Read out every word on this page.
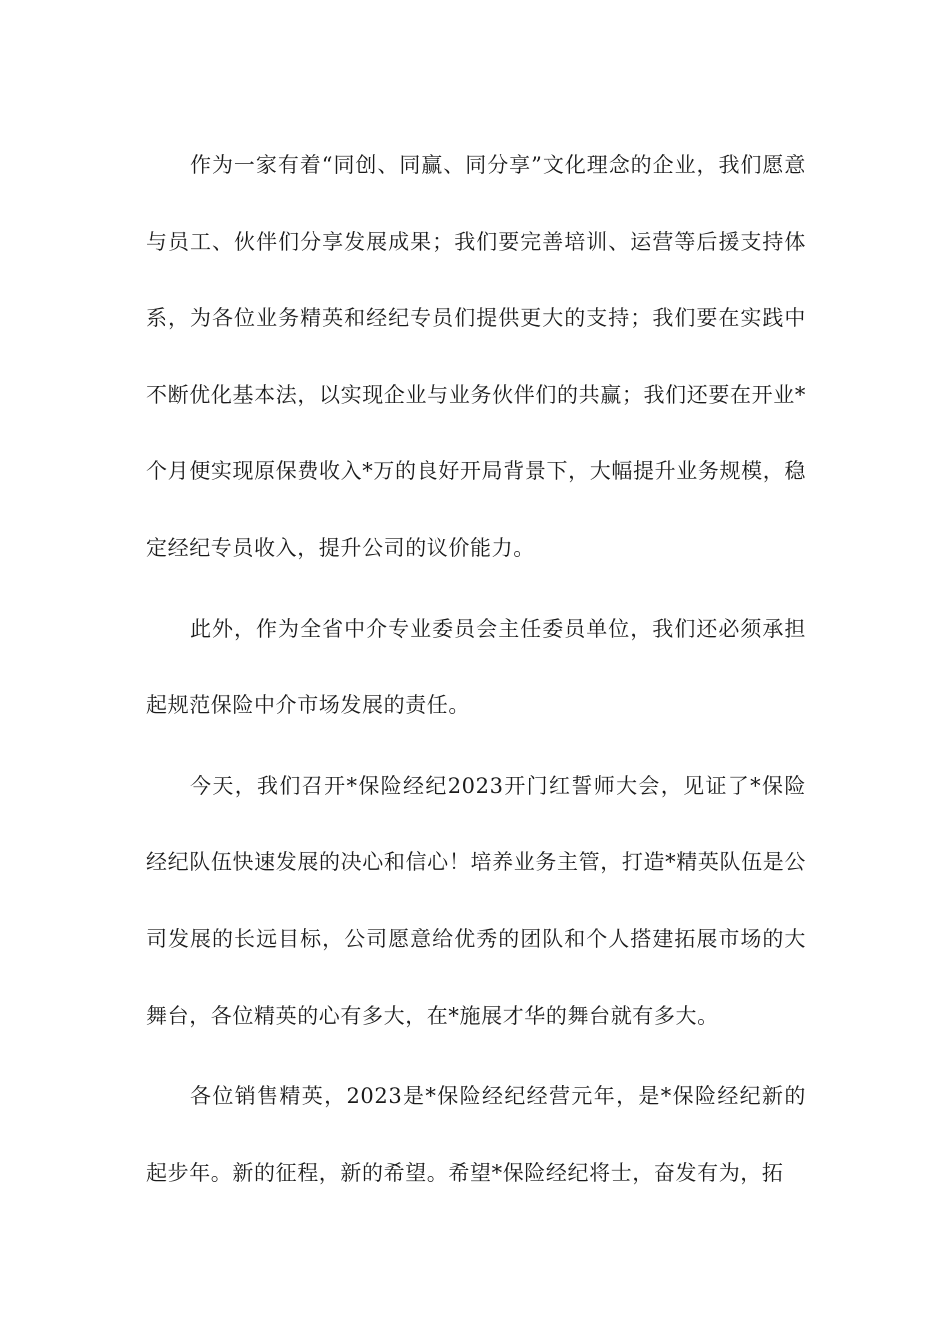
作为一家有着“同创、同赢、同分享”文化理念的企业，我们愿意与员工、伙伴们分享发展成果；我们要完善培训、运营等后援支持体系，为各位业务精英和经纪专员们提供更大的支持；我们要在实践中不断优化基本法，以实现企业与业务伙伴们的共赢；我们还要在开业*个月便实现原保费收入*万的良好开局背景下，大幅提升业务规模，稳定经纪专员收入，提升公司的议价能力。

此外，作为全省中介专业委员会主任委员单位，我们还必须承担起规范保险中介市场发展的责任。

今天，我们召开*保险经纪2023开门红誓师大会，见证了*保险经纪队伍快速发展的决心和信心！培养业务主管，打造*精英队伍是公司发展的长远目标，公司愿意给优秀的团队和个人搭建拓展市场的大舞台，各位精英的心有多大，在*施展才华的舞台就有多大。

各位销售精英，2023是*保险经纪经营元年，是*保险经纪新的起步年。新的征程，新的希望。希望*保险经纪将士，奋发有为，拓
